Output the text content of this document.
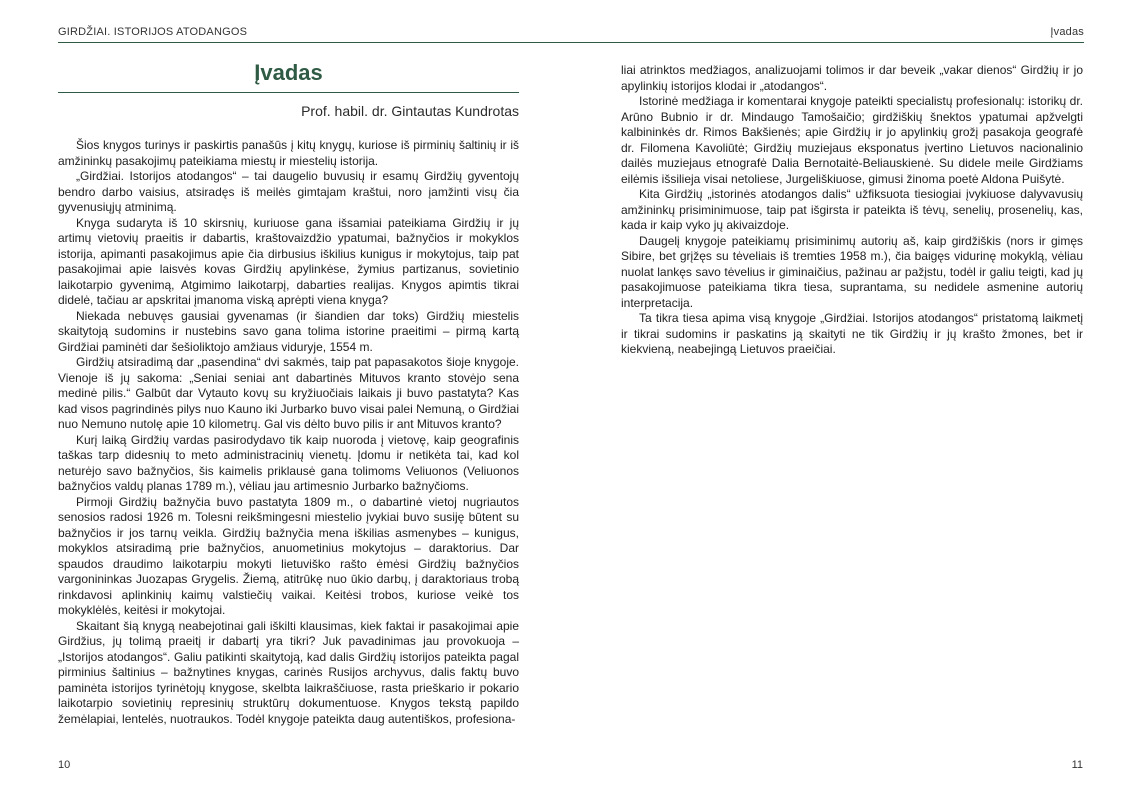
GIRDŽIAI. ISTORIJOS ATODANGOS	Įvadas
Įvadas
Prof. habil. dr. Gintautas Kundrotas

Šios knygos turinys ir paskirtis panašūs į kitų knygų, kuriose iš pirminių šaltinių ir iš amžininkų pasakojimų pateikiama miestų ir miestelių istorija.

„Girdžiai. Istorijos atodangos“ – tai daugelio buvusių ir esamų Girdžių gyventojų bendro darbo vaisius, atsiradęs iš meilės gimtajam kraštui, noro įamžinti visų čia gyvenusiųjų atminimą.

Knyga sudaryta iš 10 skirsnių, kuriuose gana išsamiai pateikiama Girdžių ir jų artimų vietovių praeitis ir dabartis, kraštovaizdžio ypatumai, bažnyčios ir mokyklos istorija, apimanti pasakojimus apie čia dirbusius iškilius kunigus ir mokytojus, taip pat pasakojimai apie laisvės kovas Girdžių apylinkėse, žymius partizanus, sovietinio laikotarpio gyvenimą, Atgimimo laikotarpį, dabarties realijas. Knygos apimtis tikrai didelė, tačiau ar apskritai įmanoma viską aprėpti viena knyga?

Niekada nebuvęs gausiai gyvenamas (ir šiandien dar toks) Girdžių miestelis skaitytoją sudomins ir nustebins savo gana tolima istorine praeitimi – pirmą kartą Girdžiai paminėti dar šešioliktojo amžiaus viduryje, 1554 m.

Girdžių atsiradimą dar „pasendina“ dvi sakmės, taip pat papasakotos šioje knygoje. Vienoje iš jų sakoma: „Seniai seniai ant dabartinės Mituvos kranto stovėjo sena medinė pilis.“ Galbūt dar Vytauto kovų su kryžiuočiais laikais ji buvo pastatyta? Kas kad visos pagrindinės pilys nuo Kauno iki Jurbarko buvo visai palei Nemuną, o Girdžiai nuo Nemuno nutolę apie 10 kilometrų. Gal vis dėlto buvo pilis ir ant Mituvos kranto?

Kurį laiką Girdžių vardas pasirodydavo tik kaip nuoroda į vietovę, kaip geografinis taškas tarp didesnių to meto administracinių vienetų. Įdomu ir netikėta tai, kad kol neturėjo savo bažnyčios, šis kaimelis priklausė gana tolimoms Veliuonos (Veliuonos bažnyčios valdų planas 1789 m.), vėliau jau artimesnio Jurbarko bažnyčioms.

Pirmoji Girdžių bažnyčia buvo pastatyta 1809 m., o dabartinė vietoj nugriautos senosios radosi 1926 m. Tolesni reikšmingesni miestelio įvykiai buvo susiję būtent su bažnyčios ir jos tarnų veikla. Girdžių bažnyčia mena iškilias asmenybes – kunigus, mokyklos atsiradimą prie bažnyčios, anuometinius mokytojus – daraktorius. Dar spaudos draudimo laikotarpiu mokyti lietuviško rašto ėmėsi Girdžių bažnyčios vargonininkas Juozapas Grygelis. Žiemą, atitrūkę nuo ūkio darbų, į daraktoriaus trobą rinkdavosi aplinkinių kaimų valstiečių vaikai. Keitėsi trobos, kuriose veikė tos mokyklėlės, keitėsi ir mokytojai.

Skaitant šią knygą neabejotinai gali iškilti klausimas, kiek faktai ir pasakojimai apie Girdžius, jų tolimą praeitį ir dabartį yra tikri? Juk pavadinimas jau provokuoja – „Istorijos atodangos“. Galiu patikinti skaitytoją, kad dalis Girdžių istorijos pateikta pagal pirminius šaltinius – bažnytines knygas, carinės Rusijos archyvus, dalis faktų buvo paminėta istorijos tyrinėtojų knygose, skelbta laikraščiuose, rasta prieškario ir pokario laikotarpio sovietinių represinių struktūrų dokumentuose. Knygos tekstą papildo žemėlapiai, lentelės, nuotraukos. Todėl knygoje pateikta daug autentiškos, profesiona-

liai atrinktos medžiagos, analizuojami tolimos ir dar beveik „vakar dienos“ Girdžių ir jo apylinkių istorijos klodai ir „atodangos“.

Istorinė medžiaga ir komentarai knygoje pateikti specialistų profesionalų: istorikų dr. Arūno Bubnio ir dr. Mindaugo Tamošaičio; girdžiškių šnektos ypatumai apžvelgti kalbininkės dr. Rimos Bakšienės; apie Girdžių ir jo apylinkių grožį pasakoja geografė dr. Filomena Kavoliūtė; Girdžių muziejaus eksponatus įvertino Lietuvos nacionalinio dailės muziejaus etnografė Dalia Bernotaitė-Beliauskienė. Su didele meile Girdžiams eilėmis išsilieja visai netoliese, Jurgeliškiuose, gimusi žinoma poetė Aldona Puišytė.

Kita Girdžių „istorinės atodangos dalis“ užfiksuota tiesiogiai įvykiuose dalyvavusių amžininkų prisiminimuose, taip pat išgirsta ir pateikta iš tėvų, senelių, prosenelių, kas, kada ir kaip vyko jų akivaizdoje.

Daugelį knygoje pateikiamų prisiminimų autorių aš, kaip girdžiškis (nors ir gimęs Sibire, bet grįžęs su tėveliais iš tremties 1958 m.), čia baigęs vidurinę mokyklą, vėliau nuolat lankęs savo tėvelius ir giminaičius, pažinau ar pažįstu, todėl ir galiu teigti, kad jų pasakojimuose pateikiama tikra tiesa, suprantama, su nedidele asmenine autorių interpretacija.

Ta tikra tiesa apima visą knygoje „Girdžiai. Istorijos atodangos“ pristatomą laikmetį ir tikrai sudomins ir paskatins ją skaityti ne tik Girdžių ir jų krašto žmones, bet ir kiekvieną, neabejingą Lietuvos praeičiai.

10	11
